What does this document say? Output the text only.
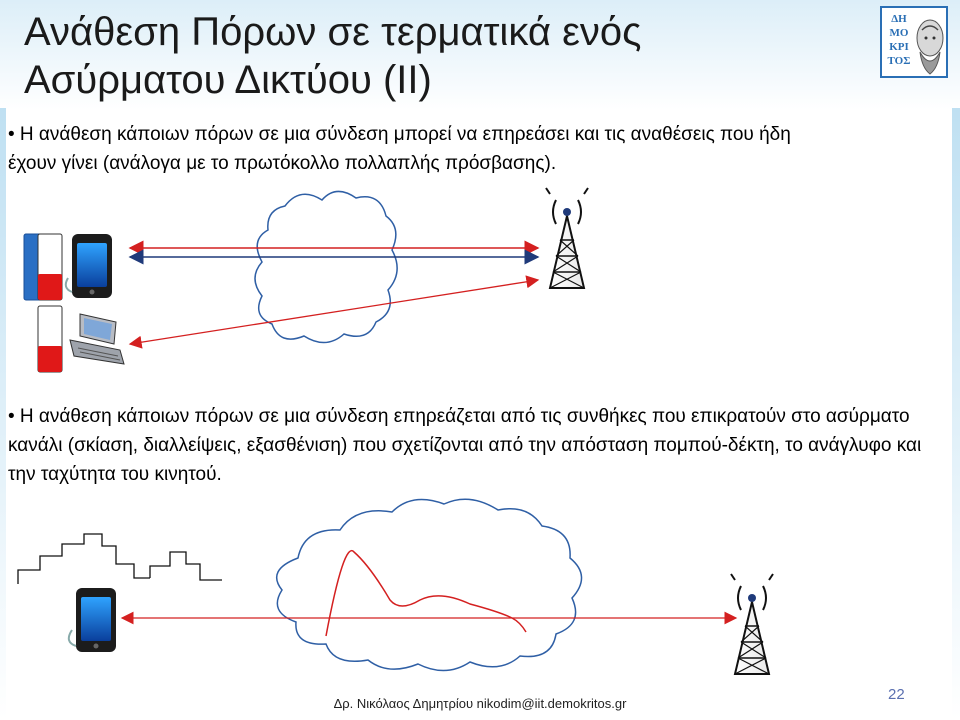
Ανάθεση Πόρων σε τερματικά ενός
Ασύρματου Δικτύου (ΙΙ)
ΔΗ
ΜΟ
ΚΡΙ
ΤΟΣ
• Η ανάθεση κάποιων πόρων σε μια σύνδεση μπορεί να επηρεάσει και τις αναθέσεις που ήδη έχουν γίνει (ανάλογα με το πρωτόκολλο πολλαπλής πρόσβασης).
• Η ανάθεση κάποιων πόρων σε μια σύνδεση επηρεάζεται από τις συνθήκες που επικρατούν στο ασύρματο κανάλι (σκίαση, διαλλείψεις, εξασθένιση) που σχετίζονται από την απόσταση πομπού-δέκτη, το ανάγλυφο και την ταχύτητα του κινητού.
22
Δρ. Νικόλαος Δημητρίου nikodim@iit.demokritos.gr
